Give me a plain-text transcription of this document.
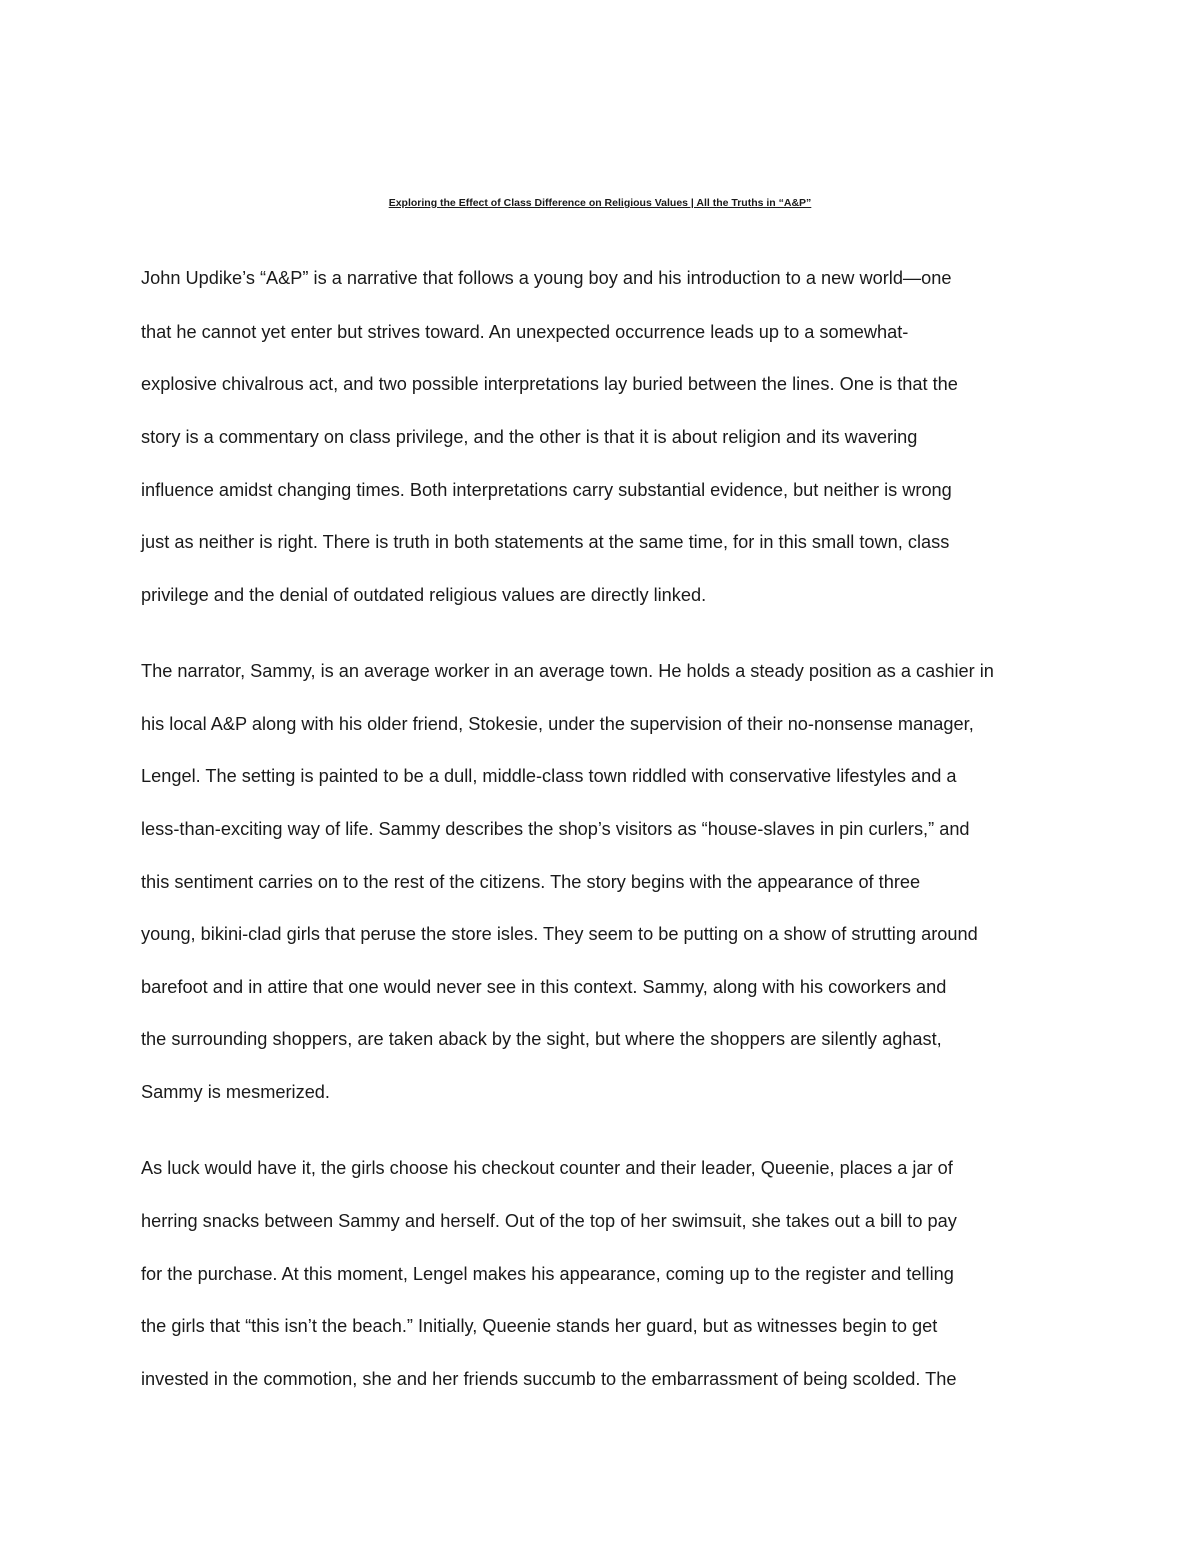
Exploring the Effect of Class Difference on Religious Values | All the Truths in “A&P”
John Updike’s “A&P” is a narrative that follows a young boy and his introduction to a new world—one
that he cannot yet enter but strives toward. An unexpected occurrence leads up to a somewhat-
explosive chivalrous act, and two possible interpretations lay buried between the lines. One is that the
story is a commentary on class privilege, and the other is that it is about religion and its wavering
influence amidst changing times. Both interpretations carry substantial evidence, but neither is wrong
just as neither is right. There is truth in both statements at the same time, for in this small town, class
privilege and the denial of outdated religious values are directly linked.
The narrator, Sammy, is an average worker in an average town. He holds a steady position as a cashier in
his local A&P along with his older friend, Stokesie, under the supervision of their no-nonsense manager,
Lengel. The setting is painted to be a dull, middle-class town riddled with conservative lifestyles and a
less-than-exciting way of life. Sammy describes the shop’s visitors as “house-slaves in pin curlers,” and
this sentiment carries on to the rest of the citizens. The story begins with the appearance of three
young, bikini-clad girls that peruse the store isles. They seem to be putting on a show of strutting around
barefoot and in attire that one would never see in this context. Sammy, along with his coworkers and
the surrounding shoppers, are taken aback by the sight, but where the shoppers are silently aghast,
Sammy is mesmerized.
As luck would have it, the girls choose his checkout counter and their leader, Queenie, places a jar of
herring snacks between Sammy and herself. Out of the top of her swimsuit, she takes out a bill to pay
for the purchase. At this moment, Lengel makes his appearance, coming up to the register and telling
the girls that “this isn’t the beach.” Initially, Queenie stands her guard, but as witnesses begin to get
invested in the commotion, she and her friends succumb to the embarrassment of being scolded. The
